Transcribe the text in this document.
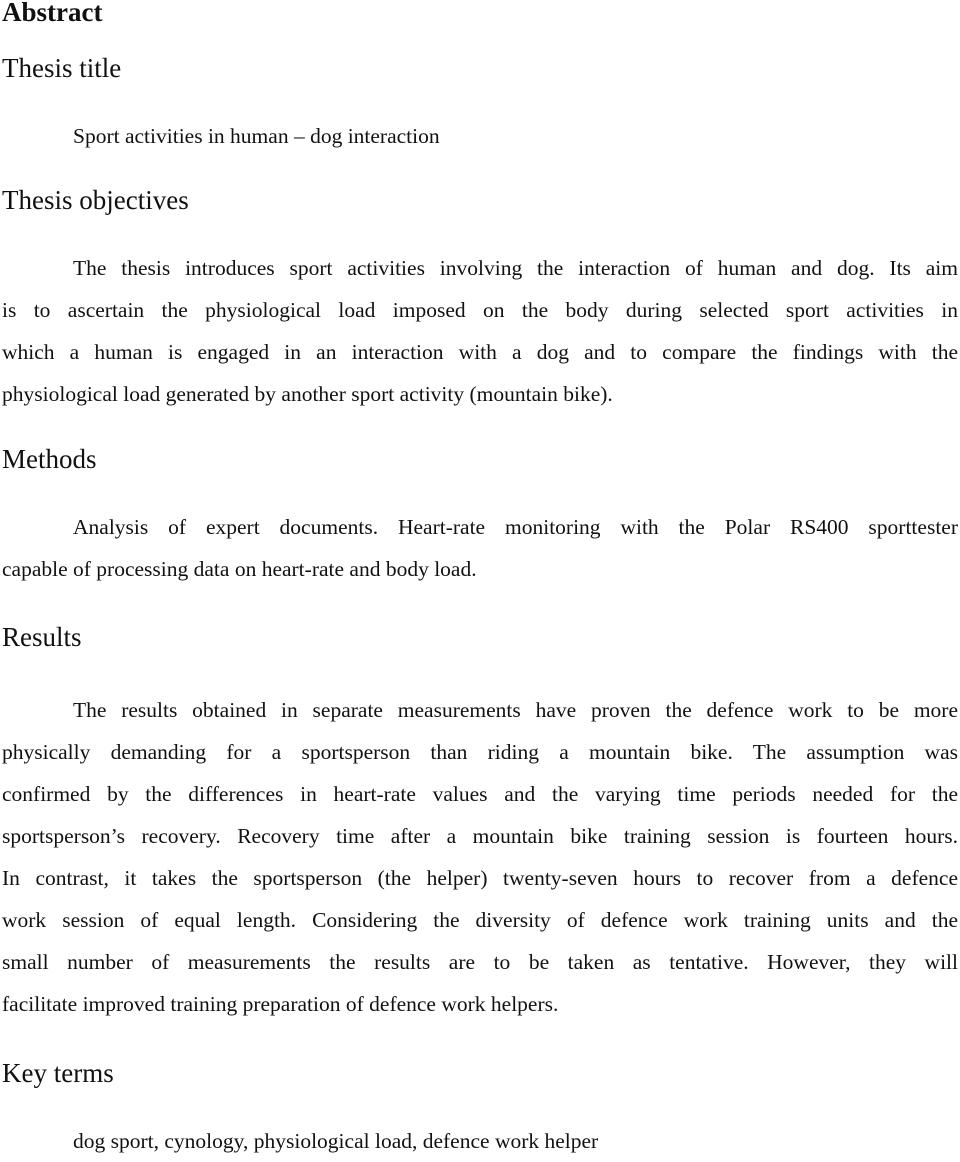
Abstract
Thesis title

Sport activities in human – dog interaction

Thesis objectives
The thesis introduces sport activities involving the interaction of human and dog. Its aim
is to ascertain the physiological load imposed on the body during selected sport activities in
which a human is engaged in an interaction with a dog and to compare the findings with the
physiological load generated by another sport activity (mountain bike).
Methods
Analysis of expert documents. Heart-rate monitoring with the Polar RS400 sporttester
capable of processing data on heart-rate and body load.
Results
The results obtained in separate measurements have proven the defence work to be more
physically demanding for a sportsperson than riding a mountain bike. The assumption was
confirmed by the differences in heart-rate values and the varying time periods needed for the
sportsperson’s recovery. Recovery time after a mountain bike training session is fourteen hours.
In contrast, it takes the sportsperson (the helper) twenty-seven hours to recover from a defence
work session of equal length. Considering the diversity of defence work training units and the
small number of measurements the results are to be taken as tentative. However, they will
facilitate improved training preparation of defence work helpers.
Key terms

dog sport, cynology, physiological load, defence work helper
